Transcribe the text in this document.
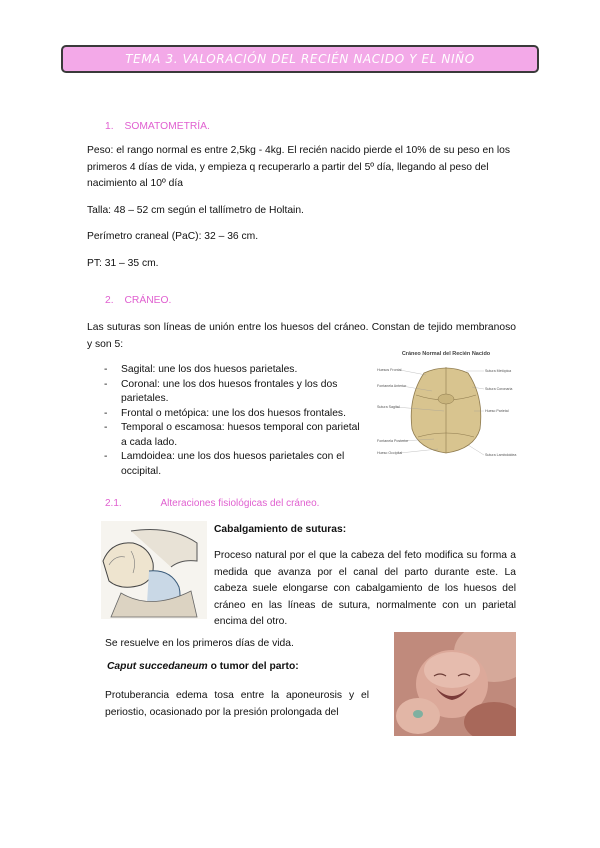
TEMA 3. VALORACIÓN DEL RECIÉN NACIDO Y EL NIÑO
1. SOMATOMETRÍA.

Peso: el rango normal es entre 2,5kg - 4kg. El recién nacido pierde el 10% de su peso en los primeros 4 días de vida, y empieza q recuperarlo a partir del 5º día, llegando al peso del nacimiento al 10º día

Talla: 48 – 52 cm según el tallímetro de Holtain.

Perímetro craneal (PaC): 32 – 36 cm.

PT: 31 – 35 cm.

2. CRÁNEO.

Las suturas son líneas de unión entre los huesos del cráneo. Constan de tejido membranoso y son 5:

- Sagital: une los dos huesos parietales.
- Coronal: une los dos huesos frontales y los dos parietales.
- Frontal o metópica: une los dos huesos frontales.
- Temporal o escamosa: huesos temporal con parietal a cada lado.
- Lamdoidea: une los dos huesos parietales con el occipital.
Cráneo Normal del Recién Nacido
Huesos Frontal
Fontanela Anterior
Sutura Sagital
Fontanela Posterior
Hueso Occipital
Sutura Metópica
Sutura Coronaria
Hueso Parietal
Sutura Lambdoidea
2.1.	Alteraciones fisiológicas del cráneo.
Cabalgamiento de suturas:

Proceso natural por el que la cabeza del feto modifica su forma a medida que avanza por el canal del parto durante este. La cabeza suele elongarse con cabalgamiento de los huesos del cráneo en las líneas de sutura, normalmente con un parietal encima del otro.

Se resuelve en los primeros días de vida.

Caput succedaneum o tumor del parto:

Protuberancia edema tosa entre la aponeurosis y el periostio, ocasionado por la presión prolongada del
